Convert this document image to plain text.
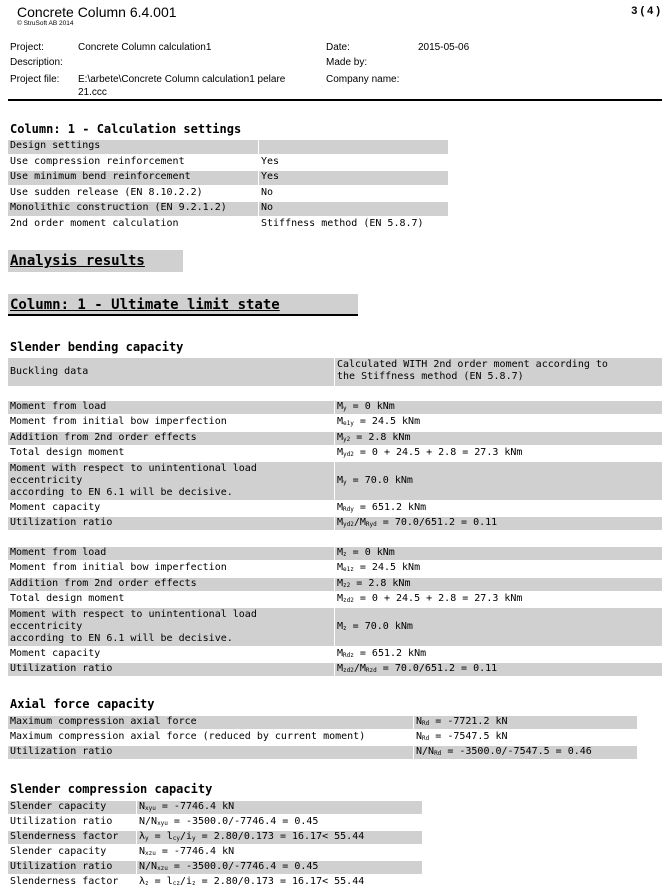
Concrete Column 6.4.001
© StruSoft AB 2014
3 ( 4 )
Project:	Concrete Column calculation1
Description:
Project file: E:\arbete\Concrete Column calculation1 pelare
21.ccc
Date:	2015-05-06
Made by:
Company name:
Column: 1 - Calculation settings
Design settings
Use compression reinforcement	Yes
Use minimum bend reinforcement	Yes
Use sudden release (EN 8.10.2.2)	No
Monolithic construction (EN 9.2.1.2)	No
2nd order moment calculation	Stiffness method (EN 5.8.7)
Analysis results
Column: 1 - Ultimate limit state
Slender bending capacity
Buckling data
Calculated WITH 2nd order moment according to
the Stiffness method (EN 5.8.7)
Moment from load	$M_y = 0$ kNm
Moment from initial bow imperfection	$M_{e1y} = 24.5$ kNm
Addition from 2nd order effects	$M_{y2} = 2.8$ kNm
Total design moment	$M_{yd2} = 0 + 24.5 + 2.8 = 27.3$ kNm
Moment with respect to unintentional load
eccentricity
according to EN 6.1 will be decisive.
$M_y = 70.0$ kNm
Moment capacity	$M_{Rdy} = 651.2$ kNm
Utilization ratio	$M_{yd2}/M_{Ryd} = 70.0/651.2 = 0.11$
Moment from load	$M_z = 0$ kNm
Moment from initial bow imperfection	$M_{e1z} = 24.5$ kNm
Addition from 2nd order effects	$M_{z2} = 2.8$ kNm
Total design moment	$M_{zd2} = 0 + 24.5 + 2.8 = 27.3$ kNm
Moment with respect to unintentional load
eccentricity
according to EN 6.1 will be decisive.
$M_z = 70.0$ kNm
Moment capacity	$M_{Rdz} = 651.2$ kNm
Utilization ratio	$M_{zd2}/M_{Rzd} = 70.0/651.2 = 0.11$
Axial force capacity
Maximum compression axial force	$N_{Rd} = -7721.2$ kN
Maximum compression axial force (reduced by current moment)	$N_{Rd} = -7547.5$ kN
Utilization ratio	$N/N_{Rd} = -3500.0/-7547.5 = 0.46$
Slender compression capacity
Slender capacity	$N_{xyu} = -7746.4$ kN
Utilization ratio	$N/N_{xyu} = -3500.0/-7746.4 = 0.45$
Slenderness factor	$\lambda_y = l_{cy}/i_y = 2.80/0.173 = 16.17< 55.44$
Slender capacity	$N_{xzu} = -7746.4$ kN
Utilization ratio	$N/N_{xzu} = -3500.0/-7746.4 = 0.45$
Slenderness factor	$\lambda_z = l_{cz}/i_z = 2.80/0.173 = 16.17< 55.44$
